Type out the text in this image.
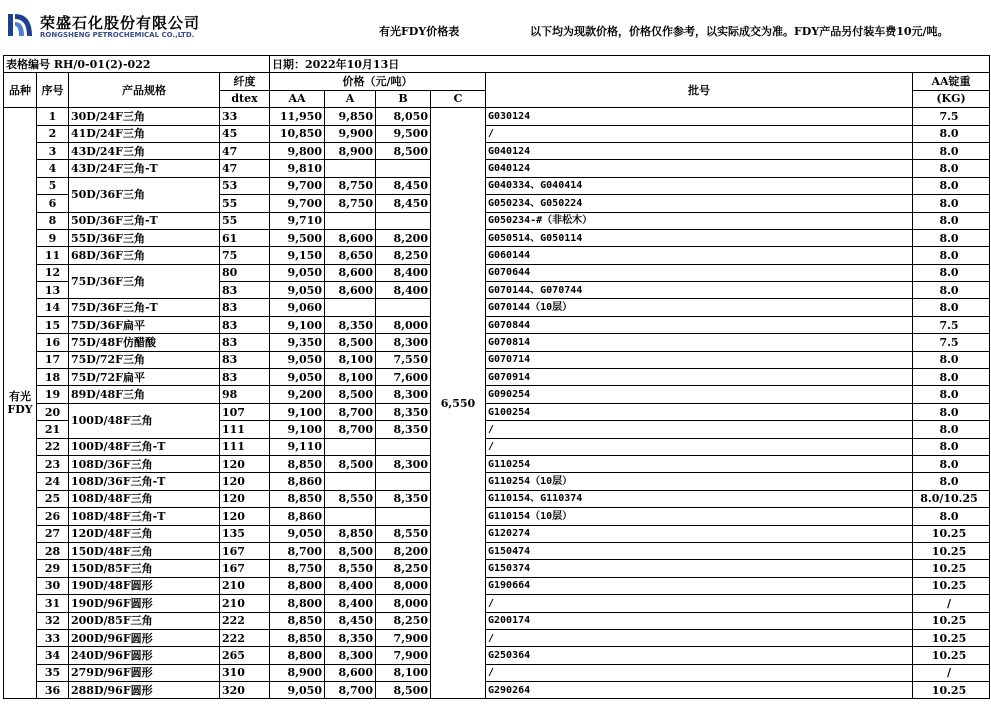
荣盛石化股份有限公司
RONGSHENG PETROCHEMICAL CO.,LTD.	有光FDY价格表	以下均为现款价格，价格仅作参考，以实际成交为准。FDY产品另付装车费10元/吨。
表格编号 RH/0-01(2)-022				日期：2022年10月13日					
品种	序号	产品规格	纤度	价格（元/吨）				批号	AA锭重
			dtex	AA	A	B	C		(KG)
有光
FDY	1	30D/24F三角	33	11,950	9,850	8,050	6,550	G030124	7.5
	2	41D/24F三角	45	10,850	9,900	9,500		/	8.0
	3	43D/24F三角	47	9,800	8,900	8,500		G040124	8.0
	4	43D/24F三角-T	47	9,810				G040124	8.0
	5	50D/36F三角	53	9,700	8,750	8,450		G040334、G040414	8.0
	6		55	9,700	8,750	8,450		G050234、G050224	8.0
	8	50D/36F三角-T	55	9,710				G050234-#（非松木）	8.0
	9	55D/36F三角	61	9,500	8,600	8,200		G050514、G050114	8.0
	11	68D/36F三角	75	9,150	8,650	8,250		G060144	8.0
	12	75D/36F三角	80	9,050	8,600	8,400		G070644	8.0
	13		83	9,050	8,600	8,400		G070144、G070744	8.0
	14	75D/36F三角-T	83	9,060				G070144（10层）	8.0
	15	75D/36F扁平	83	9,100	8,350	8,000		G070844	7.5
	16	75D/48F仿醋酸	83	9,350	8,500	8,300		G070814	7.5
	17	75D/72F三角	83	9,050	8,100	7,550		G070714	8.0
	18	75D/72F扁平	83	9,050	8,100	7,600		G070914	8.0
	19	89D/48F三角	98	9,200	8,500	8,300		G090254	8.0
	20	100D/48F三角	107	9,100	8,700	8,350		G100254	8.0
	21		111	9,100	8,700	8,350		/	8.0
	22	100D/48F三角-T	111	9,110				/	8.0
	23	108D/36F三角	120	8,850	8,500	8,300		G110254	8.0
	24	108D/36F三角-T	120	8,860				G110254（10层）	8.0
	25	108D/48F三角	120	8,850	8,550	8,350		G110154、G110374	8.0/10.25
	26	108D/48F三角-T	120	8,860				G110154（10层）	8.0
	27	120D/48F三角	135	9,050	8,850	8,550		G120274	10.25
	28	150D/48F三角	167	8,700	8,500	8,200		G150474	10.25
	29	150D/85F三角	167	8,750	8,550	8,250		G150374	10.25
	30	190D/48F圆形	210	8,800	8,400	8,000		G190664	10.25
	31	190D/96F圆形	210	8,800	8,400	8,000		/	/
	32	200D/85F三角	222	8,850	8,450	8,250		G200174	10.25
	33	200D/96F圆形	222	8,850	8,350	7,900		/	10.25
	34	240D/96F圆形	265	8,800	8,300	7,900		G250364	10.25
	35	279D/96F圆形	310	8,900	8,600	8,100		/	/
	36	288D/96F圆形	320	9,050	8,700	8,500		G290264	10.25
